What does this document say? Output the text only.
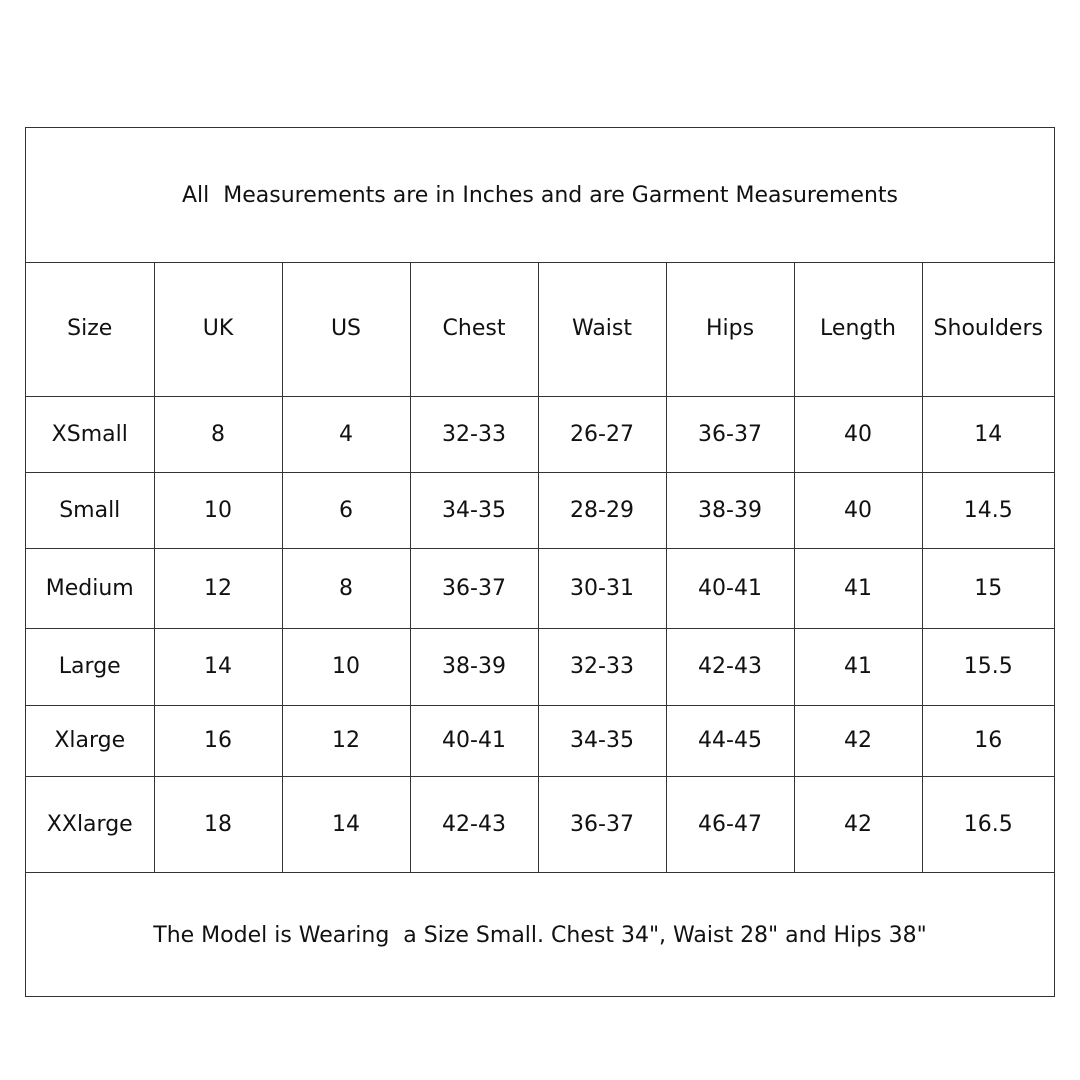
All  Measurements are in Inches and are Garment Measurements
Size	UK	US	Chest	Waist	Hips	Length	Shoulders
XSmall	8	4	32-33	26-27	36-37	40	14
Small	10	6	34-35	28-29	38-39	40	14.5
Medium	12	8	36-37	30-31	40-41	41	15
Large	14	10	38-39	32-33	42-43	41	15.5
Xlarge	16	12	40-41	34-35	44-45	42	16
XXlarge	18	14	42-43	36-37	46-47	42	16.5
The Model is Wearing  a Size Small. Chest 34", Waist 28" and Hips 38"
